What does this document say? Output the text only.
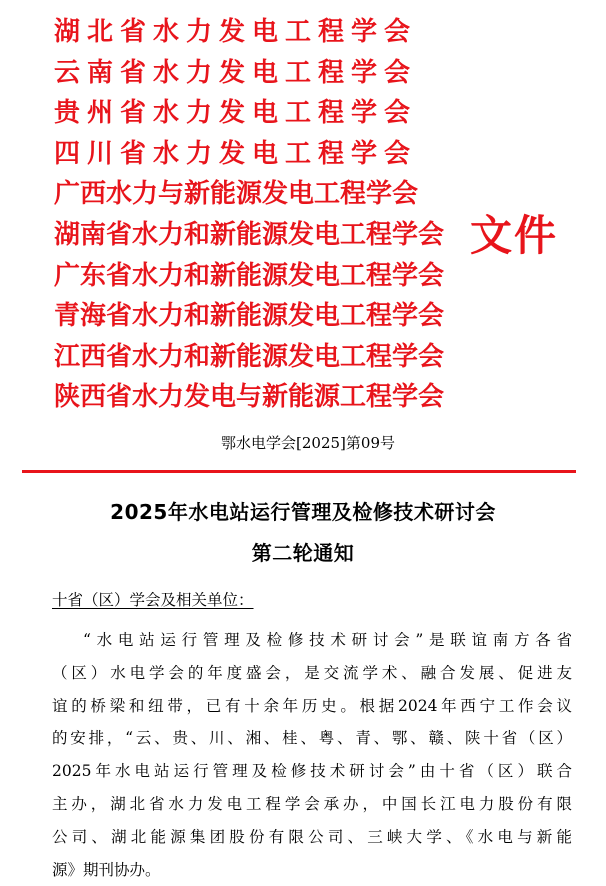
湖北省水力发电工程学会
云南省水力发电工程学会
贵州省水力发电工程学会
四川省水力发电工程学会
广西水力与新能源发电工程学会
湖南省水力和新能源发电工程学会
广东省水力和新能源发电工程学会
青海省水力和新能源发电工程学会
江西省水力和新能源发电工程学会
陕西省水力发电与新能源工程学会
文件
鄂水电学会[2025]第09号
2025年水电站运行管理及检修技术研讨会
第二轮通知
十省（区）学会及相关单位：
“水电站运行管理及检修技术研讨会”是联谊南方各省
（区）水电学会的年度盛会，是交流学术、融合发展、促进友
谊的桥梁和纽带，已有十余年历史。根据2024年西宁工作会议
的安排，“云、贵、川、湘、桂、粤、青、鄂、赣、陕十省（区）
2025年水电站运行管理及检修技术研讨会”由十省（区）联合
主办，湖北省水力发电工程学会承办，中国长江电力股份有限
公司、湖北能源集团股份有限公司、三峡大学、《水电与新能
源》期刊协办。
